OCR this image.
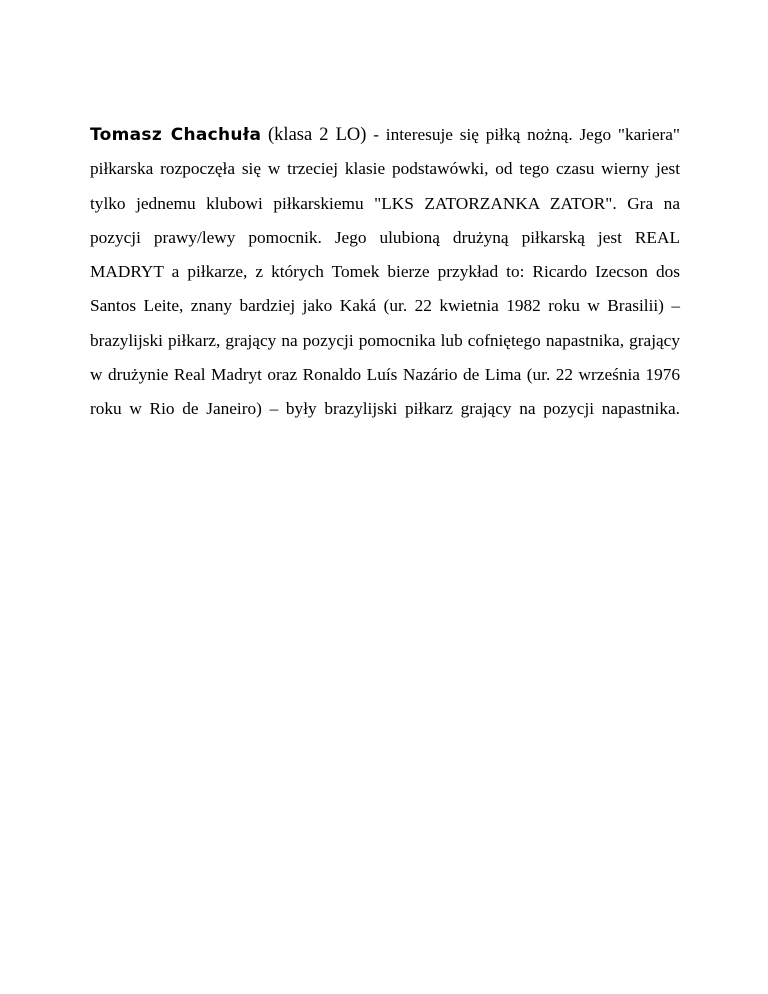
Tomasz Chachuła (klasa 2 LO) - interesuje się piłką nożną. Jego "kariera" piłkarska rozpoczęła się w trzeciej klasie podstawówki, od tego czasu wierny jest tylko jednemu klubowi piłkarskiemu "LKS ZATORZANKA ZATOR". Gra na pozycji prawy/lewy pomocnik. Jego ulubioną drużyną piłkarską jest REAL MADRYT a piłkarze, z których Tomek bierze przykład to: Ricardo Izecson dos Santos Leite, znany bardziej jako Kaká (ur. 22 kwietnia 1982 roku w Brasilii) – brazylijski piłkarz, grający na pozycji pomocnika lub cofniętego napastnika, grający w drużynie Real Madryt oraz Ronaldo Luís Nazário de Lima (ur. 22 września 1976 roku w Rio de Janeiro) – były brazylijski piłkarz grający na pozycji napastnika.
